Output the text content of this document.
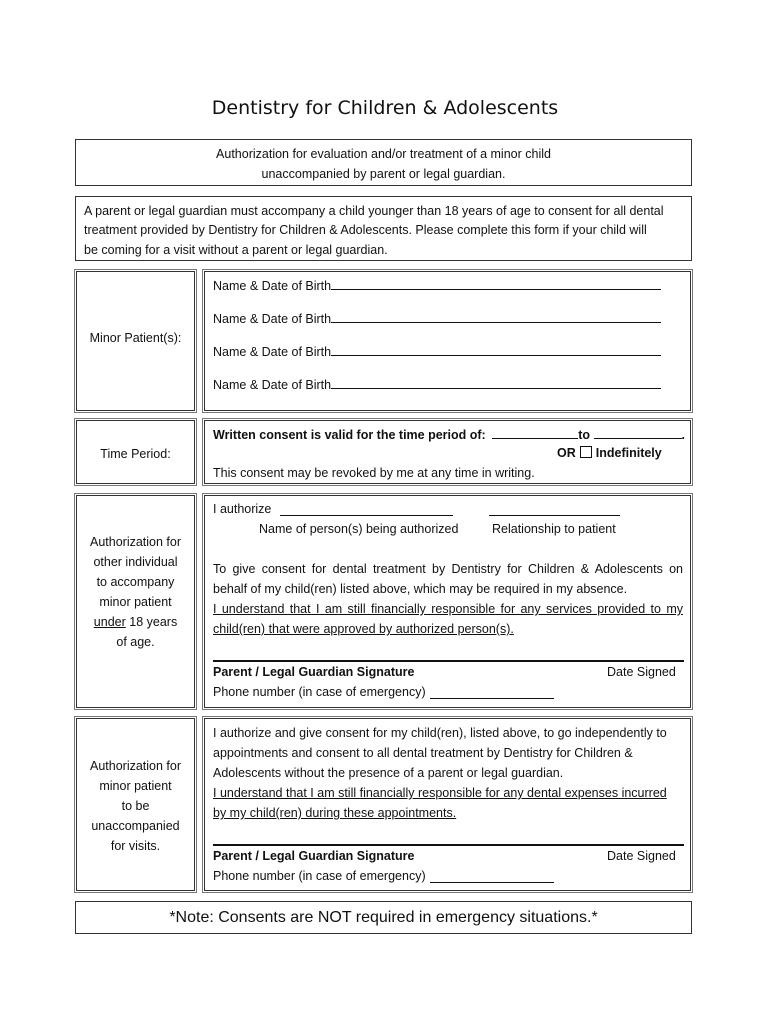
Dentistry for Children & Adolescents
Authorization for evaluation and/or treatment of a minor child
unaccompanied by parent or legal guardian.
A parent or legal guardian must accompany a child younger than 18 years of age to consent for all dental
treatment provided by Dentistry for Children & Adolescents. Please complete this form if your child will
be coming for a visit without a parent or legal guardian.
Minor Patient(s):
Name & Date of Birth
Name & Date of Birth
Name & Date of Birth
Name & Date of Birth
Time Period:
Written consent is valid for the time period of:	to	.
OR Indefinitely
This consent may be revoked by me at any time in writing.
Authorization for
other individual
to accompany
minor patient
under 18 years
of age.
I authorize
Name of person(s) being authorized	Relationship to patient
To give consent for dental treatment by Dentistry for Children & Adolescents on
behalf of my child(ren) listed above, which may be required in my absence.
I understand that I am still financially responsible for any services provided to my
child(ren) that were approved by authorized person(s).
Parent / Legal Guardian Signature	Date Signed
Phone number (in case of emergency)
Authorization for
minor patient
to be
unaccompanied
for visits.
I authorize and give consent for my child(ren), listed above, to go independently to
appointments and consent to all dental treatment by Dentistry for Children &
Adolescents without the presence of a parent or legal guardian.
I understand that I am still financially responsible for any dental expenses incurred
by my child(ren) during these appointments.
Parent / Legal Guardian Signature	Date Signed
Phone number (in case of emergency)
*Note: Consents are NOT required in emergency situations.*
